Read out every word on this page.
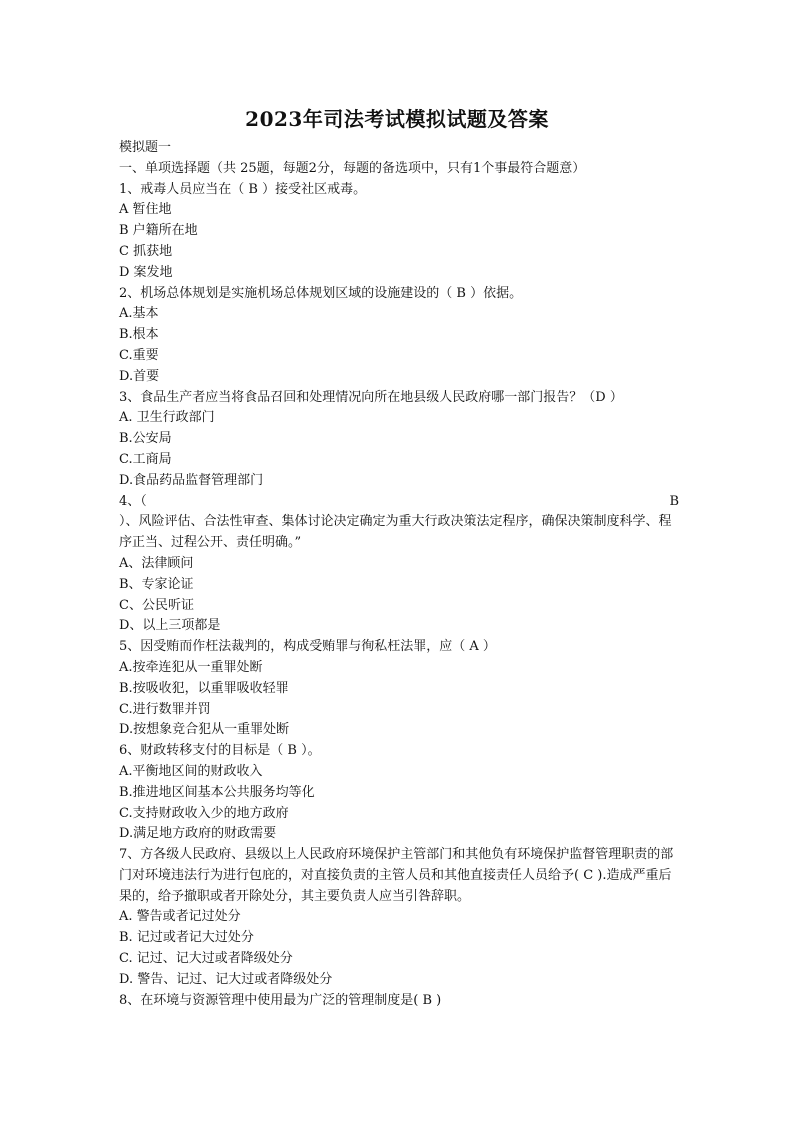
2023年司法考试模拟试题及答案

模拟题一

一、单项选择题（共 25题，每题2分，每题的备选项中，只有1个事最符合题意）

1、戒毒人员应当在（ B ）接受社区戒毒。

A 暂住地

B 户籍所在地

C 抓获地

D 案发地

2、机场总体规划是实施机场总体规划区域的设施建设的（ B ）依据。

A.基本

B.根本

C.重要

D.首要

3、食品生产者应当将食品召回和处理情况向所在地县级人民政府哪一部门报告？（D ）

A. 卫生行政部门

B.公安局

C.工商局

D.食品药品监督管理部门

4、（	B

）、风险评估、合法性审查、集体讨论决定确定为重大行政决策法定程序，确保决策制度科学、程序正当、过程公开、责任明确。”

A、法律顾问

B、专家论证

C、公民听证

D、以上三项都是

5、因受贿而作枉法裁判的，构成受贿罪与徇私枉法罪，应（ A ）

A.按牵连犯从一重罪处断

B.按吸收犯，以重罪吸收轻罪

C.进行数罪并罚

D.按想象竞合犯从一重罪处断

6、财政转移支付的目标是（ B ）。

A.平衡地区间的财政收入

B.推进地区间基本公共服务均等化

C.支持财政收入少的地方政府

D.满足地方政府的财政需要

7、方各级人民政府、县级以上人民政府环境保护主管部门和其他负有环境保护监督管理职责的部门对环境违法行为进行包庇的，对直接负责的主管人员和其他直接责任人员给予( C ).造成严重后果的，给予撤职或者开除处分，其主要负责人应当引咎辞职。

A. 警告或者记过处分

B. 记过或者记大过处分

C. 记过、记大过或者降级处分

D. 警告、记过、记大过或者降级处分

8、在环境与资源管理中使用最为广泛的管理制度是( B )
